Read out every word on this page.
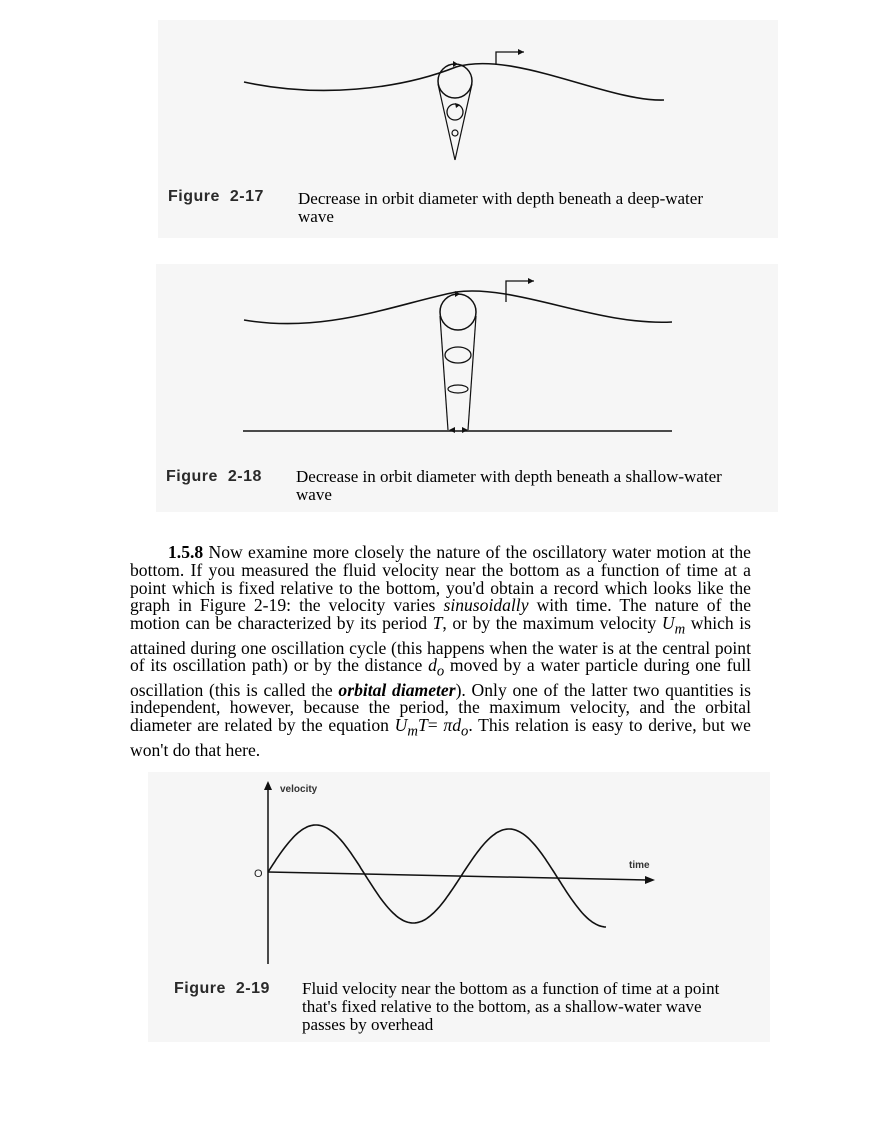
Figure 2-17 Decrease in orbit diameter with depth beneath a deep-water
wave
Figure 2-18 Decrease in orbit diameter with depth beneath a shallow-water
wave

1.5.8 Now examine more closely the nature of the oscillatory water motion at the bottom. If you measured the fluid velocity near the bottom as a function of time at a point which is fixed relative to the bottom, you'd obtain a record which looks like the graph in Figure 2-19: the velocity varies sinusoidally with time. The nature of the motion can be characterized by its period T, or by the maximum velocity $U_m$ which is attained during one oscillation cycle (this happens when the water is at the central point of its oscillation path) or by the distance $d_o$ moved by a water particle during one full oscillation (this is called the orbital diameter). Only one of the latter two quantities is independent, however, because the period, the maximum velocity, and the orbital diameter are related by the equation $U_mT= \pi d_o$. This relation is easy to derive, but we won't do that here.

velocity
time
O
Figure 2-19 Fluid velocity near the bottom as a function of time at a point
that's fixed relative to the bottom, as a shallow-water wave
passes by overhead
